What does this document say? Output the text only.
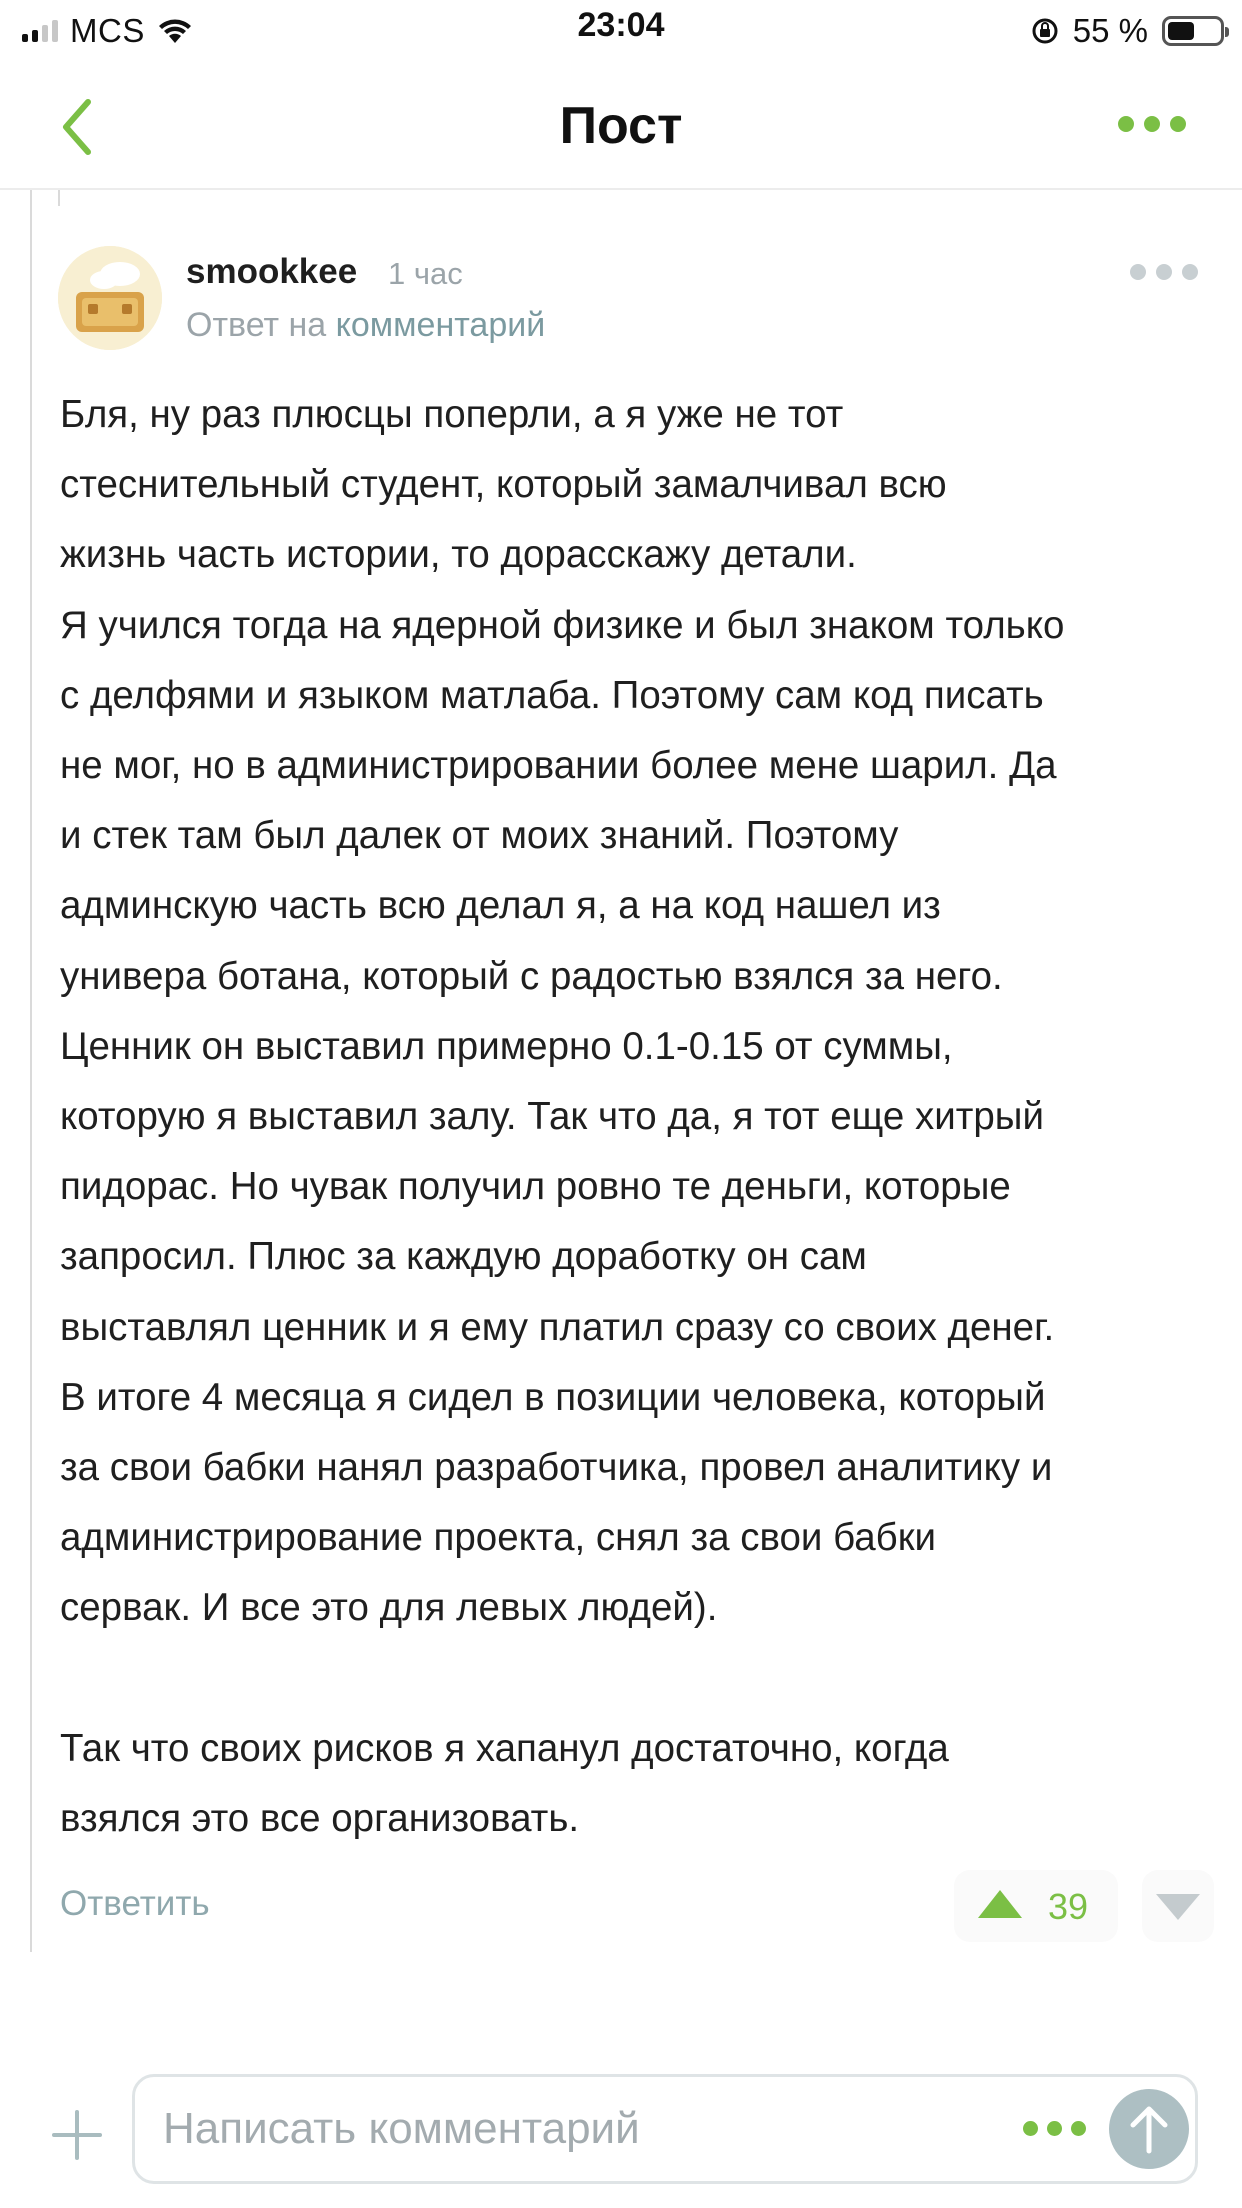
MCS	23:04	55 %
Пост
smookkee 1 час
Ответ на комментарий

Бля, ну раз плюсцы поперли, а я уже не тот
стеснительный студент, который замалчивал всю
жизнь часть истории, то дорасскажу детали.
Я учился тогда на ядерной физике и был знаком только
с делфями и языком матлаба. Поэтому сам код писать
не мог, но в администрировании более мене шарил. Да
и стек там был далек от моих знаний. Поэтому
админскую часть всю делал я, а на код нашел из
универа ботана, который с радостью взялся за него.
Ценник он выставил примерно 0.1-0.15 от суммы,
которую я выставил залу. Так что да, я тот еще хитрый
пидорас. Но чувак получил ровно те деньги, которые
запросил. Плюс за каждую доработку он сам
выставлял ценник и я ему платил сразу со своих денег.
В итоге 4 месяца я сидел в позиции человека, который
за свои бабки нанял разработчика, провел аналитику и
администрирование проекта, снял за свои бабки
сервак. И все это для левых людей).

Так что своих рисков я хапанул достаточно, когда
взялся это все организовать.

Ответить	39
Написать комментарий
